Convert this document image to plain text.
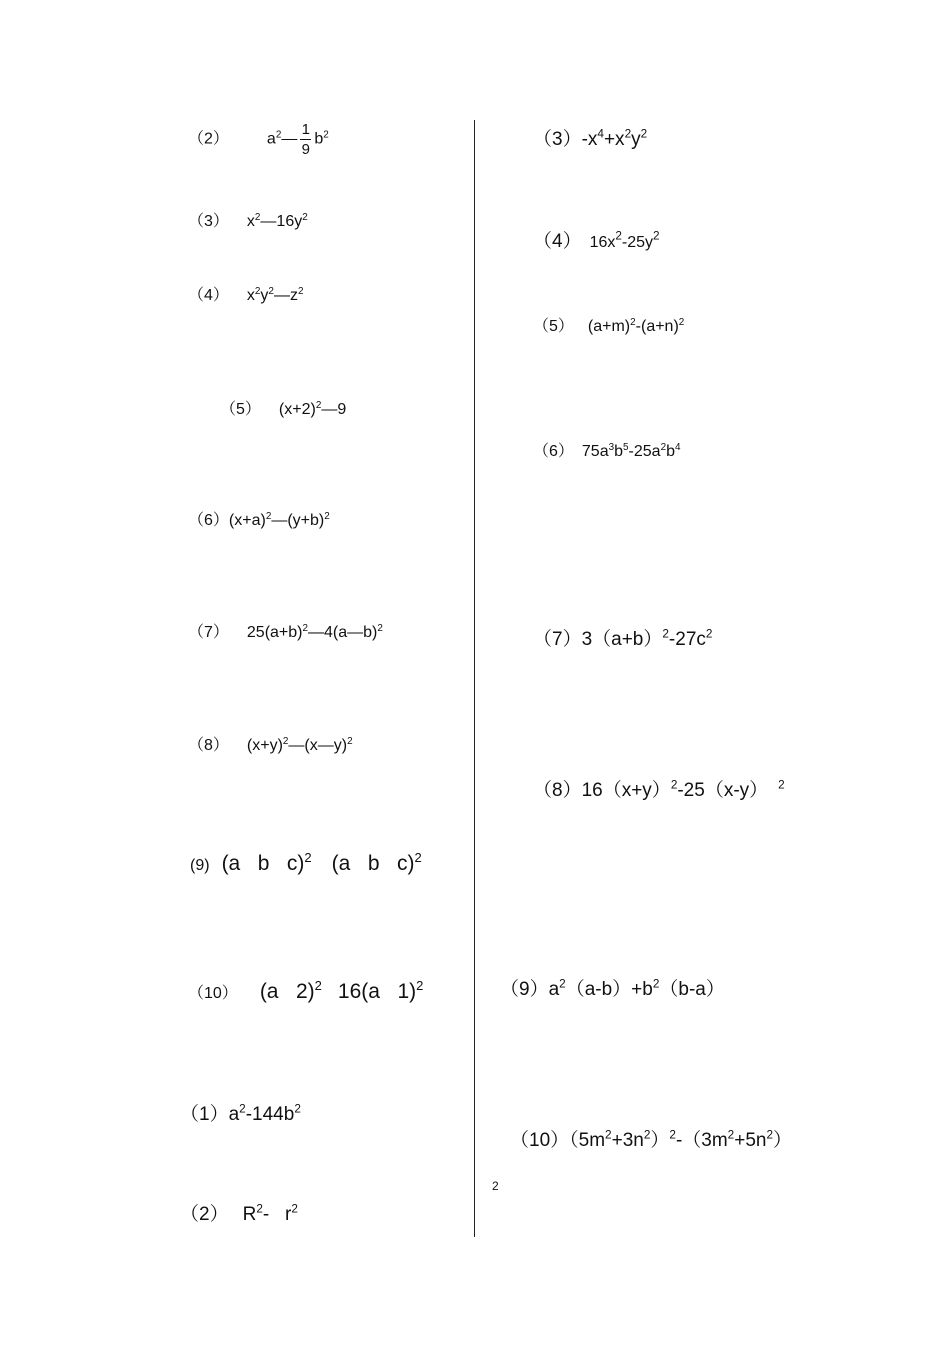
（2） $a^2— \frac{1}{9} b^2$
（3） $x^2—16y^2$
（4） $x^2y^2—z^2$
（5） $(x+2)^2—9$
$(6)(x+a)^2—(y+b)^2$
（7） $25(a+b)^2—4(a—b)^2$
（8） $(x+y)^2—(x—y)^2$
(9) (a   b   c)$^2$ (a   b   c)$^2$
（10） (a   2)$^2$ 16(a   1)$^2$
$(1)a^2-144b^2$
（2） $R^2-$   $r^2$
$(3)-x^4+x^2y^2$
（4） $16x^2-25y^2$
（5） $(a+m)^2-(a+n)^2$
（6） $75a^3b^5-25a^2b^4$
$(7)3(a+b)^2-27c^2$
$(8)16(x+y)^2-25(x-y)$ $^2$
$(9)a^2(a-b)+b^2(b-a)$
$(10)(5m^2+3n^2)^2-(3m^2+5n^2)$
2
